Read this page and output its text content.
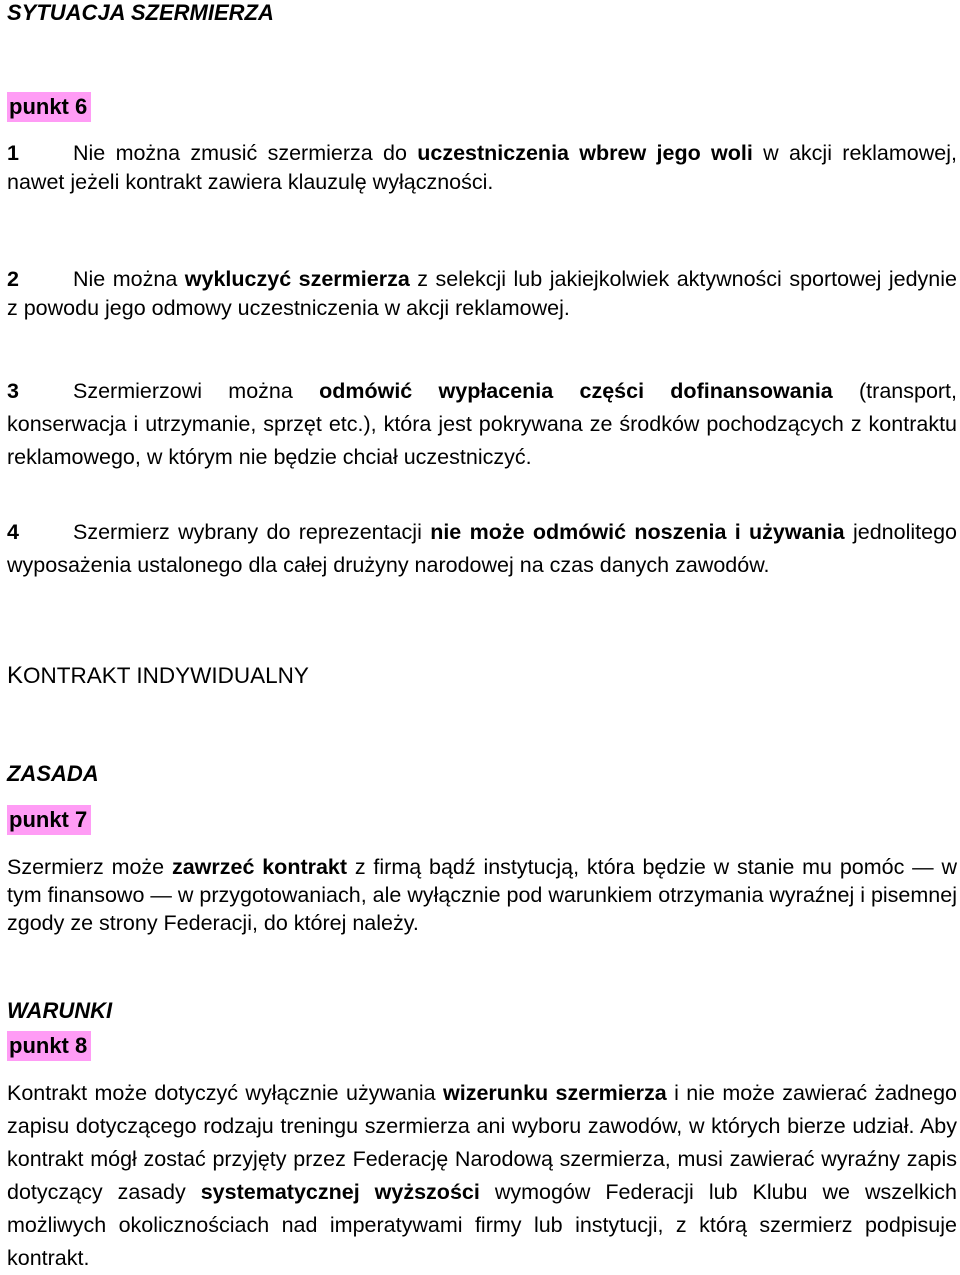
SYTUACJA SZERMIERZA
punkt 6

1	Nie można zmusić szermierza do uczestniczenia wbrew jego woli w akcji reklamowej, nawet jeżeli kontrakt zawiera klauzulę wyłączności.

2	Nie można wykluczyć szermierza z selekcji lub jakiejkolwiek aktywności sportowej jedynie z powodu jego odmowy uczestniczenia w akcji reklamowej.

3	Szermierzowi można odmówić wypłacenia części dofinansowania (transport, konserwacja i utrzymanie, sprzęt etc.), która jest pokrywana ze środków pochodzących z kontraktu reklamowego, w którym nie będzie chciał uczestniczyć.

4	Szermierz wybrany do reprezentacji nie może odmówić noszenia i używania jednolitego wyposażenia ustalonego dla całej drużyny narodowej na czas danych zawodów.

KONTRAKT INDYWIDUALNY
ZASADA
punkt 7

Szermierz może zawrzeć kontrakt z firmą bądź instytucją, która będzie w stanie mu pomóc — w tym finansowo — w przygotowaniach, ale wyłącznie pod warunkiem otrzymania wyraźnej i pisemnej zgody ze strony Federacji, do której należy.

WARUNKI
punkt 8

Kontrakt może dotyczyć wyłącznie używania wizerunku szermierza i nie może zawierać żadnego zapisu dotyczącego rodzaju treningu szermierza ani wyboru zawodów, w których bierze udział. Aby kontrakt mógł zostać przyjęty przez Federację Narodową szermierza, musi zawierać wyraźny zapis dotyczący zasady systematycznej wyższości wymogów Federacji lub Klubu we wszelkich możliwych okolicznościach nad imperatywami firmy lub instytucji, z którą szermierz podpisuje kontrakt.
